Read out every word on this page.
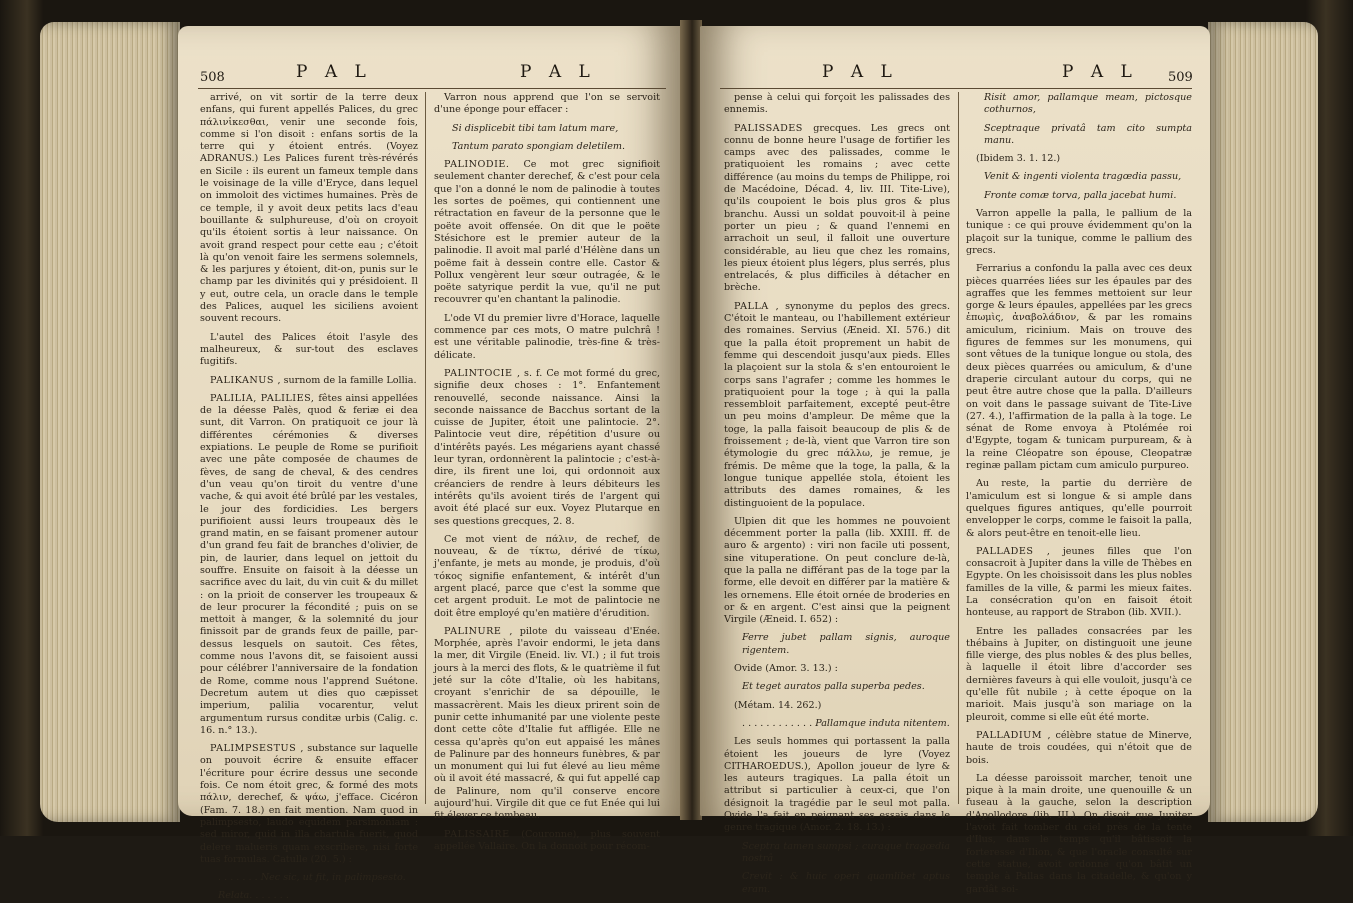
508	P A L	P A L

arrivé, on vit sortir de la terre deux enfans, qui furent appellés Palices, du grec πάλινἱκεσθαι, venir une seconde fois, comme si l'on disoit : enfans sortis de la terre qui y étoient entrés. (Voyez ADRANUS.) Les Palices furent très-révérés en Sicile : ils eurent un fameux temple dans le voisinage de la ville d'Eryce, dans lequel on immoloit des victimes humaines. Près de ce temple, il y avoit deux petits lacs d'eau bouillante & sulphureuse, d'où on croyoit qu'ils étoient sortis à leur naissance. On avoit grand respect pour cette eau ; c'étoit là qu'on venoit faire les sermens solemnels, & les parjures y étoient, dit-on, punis sur le champ par les divinités qui y présidoient. Il y eut, outre cela, un oracle dans le temple des Palices, auquel les siciliens avoient souvent recours.

L'autel des Palices étoit l'asyle des malheureux, & sur-tout des esclaves fugitifs.

PALIKANUS , surnom de la famille Lollia.

PALILIA, PALILIES, fêtes ainsi appellées de la déesse Palès, quod & feriæ ei dea sunt, dit Varron. On pratiquoit ce jour là différentes cérémonies & diverses expiations. Le peuple de Rome se purifioit avec une pâte composée de chaumes de fèves, de sang de cheval, & des cendres d'un veau qu'on tiroit du ventre d'une vache, & qui avoit été brûlé par les vestales, le jour des fordicidies. Les bergers purifioient aussi leurs troupeaux dès le grand matin, en se faisant promener autour d'un grand feu fait de branches d'olivier, de pin, de laurier, dans lequel on jettoit du souffre. Ensuite on faisoit à la déesse un sacrifice avec du lait, du vin cuit & du millet : on la prioit de conserver les troupeaux & de leur procurer la fécondité ; puis on se mettoit à manger, & la solemnité du jour finissoit par de grands feux de paille, par-dessus lesquels on sautoit. Ces fêtes, comme nous l'avons dit, se faisoient aussi pour célébrer l'anniversaire de la fondation de Rome, comme nous l'apprend Suétone. Decretum autem ut dies quo cæpisset imperium, palilia vocarentur, velut argumentum rursus conditæ urbis (Calig. c. 16. n.° 13.).

PALIMPSESTUS , substance sur laquelle on pouvoit écrire & ensuite effacer l'écriture pour écrire dessus une seconde fois. Ce nom étoit grec, & formé des mots πάλιν, derechef, & ψάω, j'efface. Cicéron (Fam. 7. 18.) en fait mention. Nam quod in palimpsesto, laudo equidem parsimoniam : sed miror, quid in illa chartula fuerit, quod delere malueris quam exscribere, nisi forte tuas formulas. Catulle (20. 5.) :

. . . . . . . Nec sic, ut fit, in palimpsesto.

Relata. . . . . . .

Varron nous apprend que l'on se servoit d'une éponge pour effacer :

Si displicebit tibi tam latum mare,

Tantum parato spongiam deletilem.

PALINODIE. Ce mot grec signifioit seulement chanter derechef, & c'est pour cela que l'on a donné le nom de palinodie à toutes les sortes de poëmes, qui contiennent une rétractation en faveur de la personne que le poëte avoit offensée. On dit que le poëte Stésichore est le premier auteur de la palinodie. Il avoit mal parlé d'Hélène dans un poëme fait à dessein contre elle. Castor & Pollux vengèrent leur sœur outragée, & le poëte satyrique perdit la vue, qu'il ne put recouvrer qu'en chantant la palinodie.

L'ode VI du premier livre d'Horace, laquelle commence par ces mots, O matre pulchrâ ! est une véritable palinodie, très-fine & très-délicate.

PALINTOCIE , s. f. Ce mot formé du grec, signifie deux choses : 1°. Enfantement renouvellé, seconde naissance. Ainsi la seconde naissance de Bacchus sortant de la cuisse de Jupiter, étoit une palintocie. 2°. Palintocie veut dire, répétition d'usure ou d'intérêts payés. Les mégariens ayant chassé leur tyran, ordonnèrent la palintocie ; c'est-à-dire, ils firent une loi, qui ordonnoit aux créanciers de rendre à leurs débiteurs les intérêts qu'ils avoient tirés de l'argent qui avoit été placé sur eux. Voyez Plutarque en ses questions grecques, 2. 8.

Ce mot vient de πάλιν, de rechef, de nouveau, & de τίκτω, dérivé de τίκω, j'enfante, je mets au monde, je produis, d'où τόκος signifie enfantement, & intérêt d'un argent placé, parce que c'est la somme que cet argent produit. Le mot de palintocie ne doit être employé qu'en matière d'érudition.

PALINURE , pilote du vaisseau d'Enée. Morphée, après l'avoir endormi, le jeta dans la mer, dit Virgile (Eneid. liv. VI.) ; il fut trois jours à la merci des flots, & le quatrième il fut jeté sur la côte d'Italie, où les habitans, croyant s'enrichir de sa dépouille, le massacrèrent. Mais les dieux prirent soin de punir cette inhumanité par une violente peste dont cette côte d'Italie fut affligée. Elle ne cessa qu'après qu'on eut appaisé les mânes de Palinure par des honneurs funèbres, & par un monument qui lui fut élevé au lieu même où il avoit été massacré, & qui fut appellé cap de Palinure, nom qu'il conserve encore aujourd'hui. Virgile dit que ce fut Enée qui lui fit élever ce tombeau.

PALISSAIRE (Couronne), plus souvent appellée Vallaire. On la donnoit pour récom-

P A L	P A L 509

pense à celui qui forçoit les palissades des ennemis.

PALISSADES grecques. Les grecs ont connu de bonne heure l'usage de fortifier les camps avec des palissades, comme le pratiquoient les romains ; avec cette différence (au moins du temps de Philippe, roi de Macédoine, Décad. 4, liv. III. Tite-Live), qu'ils coupoient le bois plus gros & plus branchu. Aussi un soldat pouvoit-il à peine porter un pieu ; & quand l'ennemi en arrachoit un seul, il falloit une ouverture considérable, au lieu que chez les romains, les pieux étoient plus légers, plus serrés, plus entrelacés, & plus difficiles à détacher en brèche.

PALLA , synonyme du peplos des grecs. C'étoit le manteau, ou l'habillement extérieur des romaines. Servius (Æneid. XI. 576.) dit que la palla étoit proprement un habit de femme qui descendoit jusqu'aux pieds. Elles la plaçoient sur la stola & s'en entouroient le corps sans l'agrafer ; comme les hommes le pratiquoient pour la toge ; à qui la palla ressembloit parfaitement, excepté peut-être un peu moins d'ampleur. De même que la toge, la palla faisoit beaucoup de plis & de froissement ; de-là, vient que Varron tire son étymologie du grec πάλλω, je remue, je frémis. De même que la toge, la palla, & la longue tunique appellée stola, étoient les attributs des dames romaines, & les distinguoient de la populace.

Ulpien dit que les hommes ne pouvoient décemment porter la palla (lib. XXIII. ff. de auro & argento) : viri non facile uti possent, sine vituperatione. On peut conclure de-là, que la palla ne différant pas de la toge par la forme, elle devoit en différer par la matière & les ornemens. Elle étoit ornée de broderies en or & en argent. C'est ainsi que la peignent Virgile (Æneid. I. 652) :

Ferre jubet pallam signis, auroque rigentem.

Ovide (Amor. 3. 13.) :

Et teget auratos palla superba pedes.

(Métam. 14. 262.)

. . . . . . . . . . . . Pallamque induta nitentem.

Les seuls hommes qui portassent la palla étoient les joueurs de lyre (Voyez CITHAROEDUS.), Apollon joueur de lyre & les auteurs tragiques. La palla étoit un attribut si particulier à ceux-ci, que l'on désignoit la tragédie par le seul mot palla. Ovide l'a fait en peignant ses essais dans le genre tragique (Amor. 2. 18. 13.) :

Sceptra tamen sumpsi ; curaque tragœdia nostrâ

Crevit : & huic operi quamlibet aptus eram.

Risit amor, pallamque meam, pictosque cothurnos,

Sceptraque privatâ tam cito sumpta manu.

(Ibidem 3. 1. 12.)

Venit & ingenti violenta tragœdia passu,

Fronte comæ torva, palla jacebat humi.

Varron appelle la palla, le pallium de la tunique : ce qui prouve évidemment qu'on la plaçoit sur la tunique, comme le pallium des grecs.

Ferrarius a confondu la palla avec ces deux pièces quarrées liées sur les épaules par des agraffes que les femmes mettoient sur leur gorge & leurs épaules, appellées par les grecs ἐπωμὶς, ἀναβολάδιον, & par les romains amiculum, ricinium. Mais on trouve des figures de femmes sur les monumens, qui sont vêtues de la tunique longue ou stola, des deux pièces quarrées ou amiculum, & d'une draperie circulant autour du corps, qui ne peut être autre chose que la palla. D'ailleurs on voit dans le passage suivant de Tite-Live (27. 4.), l'affirmation de la palla à la toge. Le sénat de Rome envoya à Ptolémée roi d'Egypte, togam & tunicam purpuream, & à la reine Cléopatre son épouse, Cleopatræ reginæ pallam pictam cum amiculo purpureo.

Au reste, la partie du derrière de l'amiculum est si longue & si ample dans quelques figures antiques, qu'elle pourroit envelopper le corps, comme le faisoit la palla, & alors peut-être en tenoit-elle lieu.

PALLADES , jeunes filles que l'on consacroit à Jupiter dans la ville de Thèbes en Egypte. On les choisissoit dans les plus nobles familles de la ville, & parmi les mieux faites. La consécration qu'on en faisoit étoit honteuse, au rapport de Strabon (lib. XVII.).

Entre les pallades consacrées par les thébains à Jupiter, on distinguoit une jeune fille vierge, des plus nobles & des plus belles, à laquelle il étoit libre d'accorder ses dernières faveurs à qui elle vouloit, jusqu'à ce qu'elle fût nubile ; à cette époque on la marioit. Mais jusqu'à son mariage on la pleuroit, comme si elle eût été morte.

PALLADIUM , célèbre statue de Minerve, haute de trois coudées, qui n'étoit que de bois.

La déesse paroissoit marcher, tenoit une pique à la main droite, une quenouille & un fuseau à la gauche, selon la description d'Apollodore (lib. III.). On disoit que Jupiter l'avoit fait tomber du ciel près de la tente d'Ilus, dans le temps qu'il bâtissoit la forteresse d'Ilion, & que l'oracle consulté sur cette statue, avoit ordonné qu'on bâtit un temple à Pallas dans la citadelle, & qu'on y gardât soi-
